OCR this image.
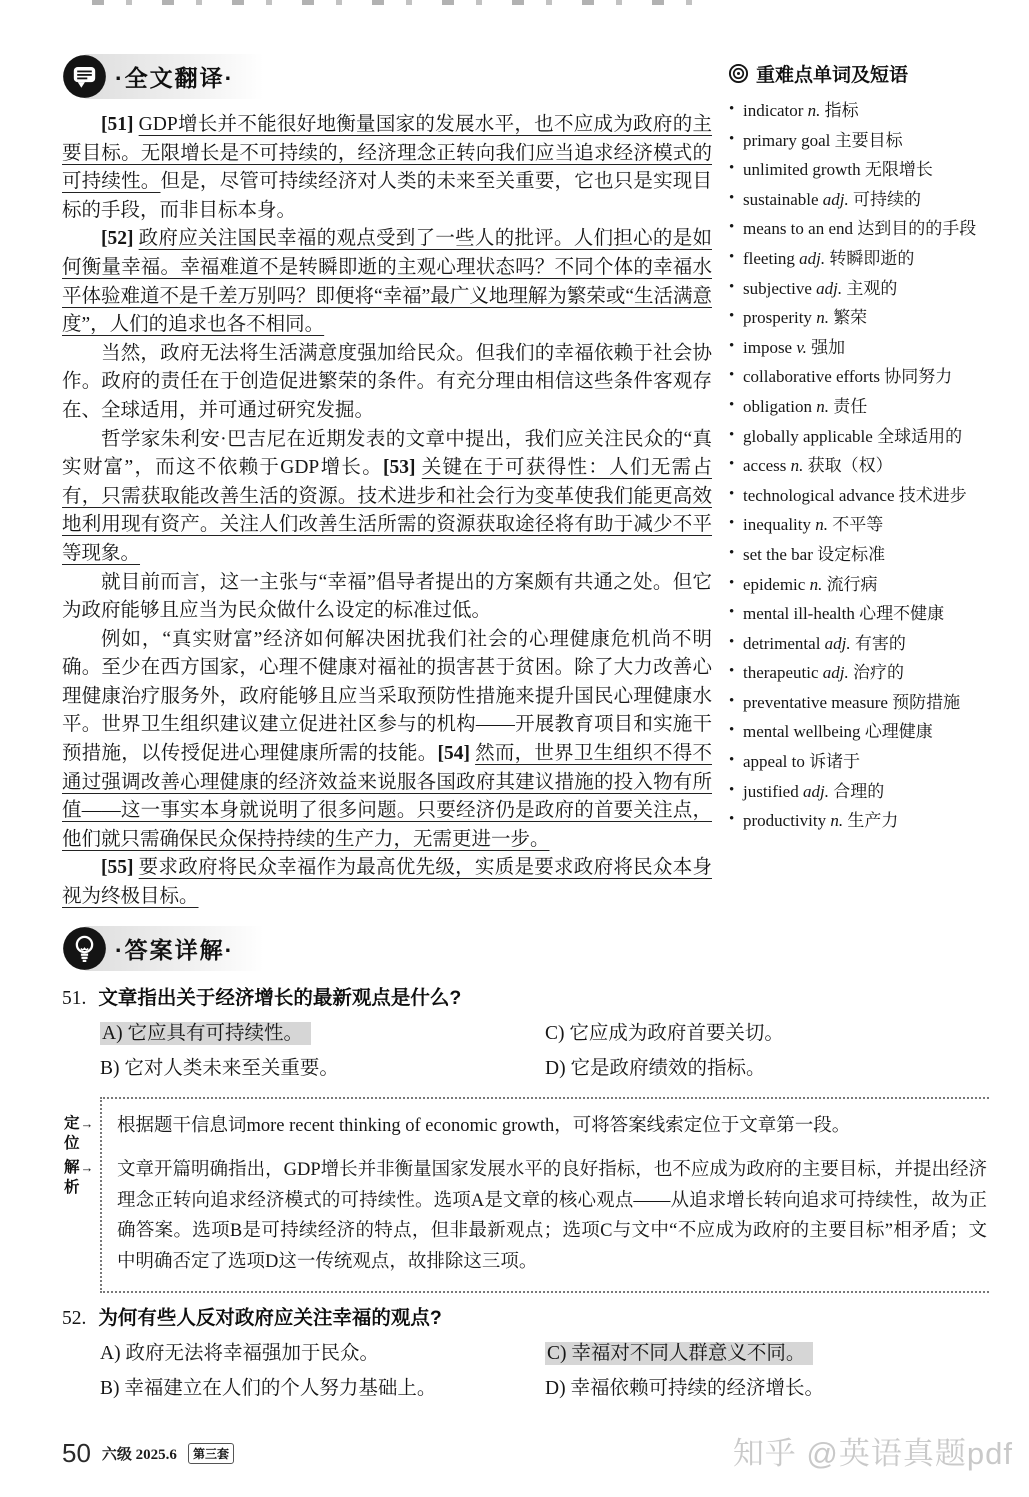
·全文翻译·

[51] GDP增长并不能很好地衡量国家的发展水平，也不应成为政府的主要目标。无限增长是不可持续的，经济理念正转向我们应当追求经济模式的可持续性。但是，尽管可持续经济对人类的未来至关重要，它也只是实现目标的手段，而非目标本身。

[52] 政府应关注国民幸福的观点受到了一些人的批评。人们担心的是如何衡量幸福。幸福难道不是转瞬即逝的主观心理状态吗？不同个体的幸福水平体验难道不是千差万别吗？即便将“幸福”最广义地理解为繁荣或“生活满意度”，人们的追求也各不相同。

当然，政府无法将生活满意度强加给民众。但我们的幸福依赖于社会协作。政府的责任在于创造促进繁荣的条件。有充分理由相信这些条件客观存在、全球适用，并可通过研究发掘。

哲学家朱利安·巴吉尼在近期发表的文章中提出，我们应关注民众的“真实财富”，而这不依赖于GDP增长。[53] 关键在于可获得性：人们无需占有，只需获取能改善生活的资源。技术进步和社会行为变革使我们能更高效地利用现有资产。关注人们改善生活所需的资源获取途径将有助于减少不平等现象。

就目前而言，这一主张与“幸福”倡导者提出的方案颇有共通之处。但它为政府能够且应当为民众做什么设定的标准过低。

例如，“真实财富”经济如何解决困扰我们社会的心理健康危机尚不明确。至少在西方国家，心理不健康对福祉的损害甚于贫困。除了大力改善心理健康治疗服务外，政府能够且应当采取预防性措施来提升国民心理健康水平。世界卫生组织建议建立促进社区参与的机构——开展教育项目和实施干预措施，以传授促进心理健康所需的技能。[54] 然而，世界卫生组织不得不通过强调改善心理健康的经济效益来说服各国政府其建议措施的投入物有所值——这一事实本身就说明了很多问题。只要经济仍是政府的首要关注点，他们就只需确保民众保持持续的生产力，无需更进一步。

[55] 要求政府将民众幸福作为最高优先级，实质是要求政府将民众本身视为终极目标。

重难点单词及短语
• indicator n. 指标
• primary goal 主要目标
• unlimited growth 无限增长
• sustainable adj. 可持续的
• means to an end 达到目的的手段
• fleeting adj. 转瞬即逝的
• subjective adj. 主观的
• prosperity n. 繁荣
• impose v. 强加
• collaborative efforts 协同努力
• obligation n. 责任
• globally applicable 全球适用的
• access n. 获取（权）
• technological advance 技术进步
• inequality n. 不平等
• set the bar 设定标准
• epidemic n. 流行病
• mental ill-health 心理不健康
• detrimental adj. 有害的
• therapeutic adj. 治疗的
• preventative measure 预防措施
• mental wellbeing 心理健康
• appeal to 诉诸于
• justified adj. 合理的
• productivity n. 生产力
·答案详解·
51. 文章指出关于经济增长的最新观点是什么?
A) 它应具有可持续性。
B) 它对人类未来至关重要。
C) 它应成为政府首要关切。
D) 它是政府绩效的指标。
定→
位
根据题干信息词more recent thinking of economic growth，可将答案线索定位于文章第一段。
解→
析
文章开篇明确指出，GDP增长并非衡量国家发展水平的良好指标，也不应成为政府的主要目标，并提出经济理念正转向追求经济模式的可持续性。选项A是文章的核心观点——从追求增长转向追求可持续性，故为正确答案。选项B是可持续经济的特点，但非最新观点；选项C与文中“不应成为政府的主要目标”相矛盾；文中明确否定了选项D这一传统观点，故排除这三项。
52. 为何有些人反对政府应关注幸福的观点?
A) 政府无法将幸福强加于民众。
B) 幸福建立在人们的个人努力基础上。
C) 幸福对不同人群意义不同。
D) 幸福依赖可持续的经济增长。
50 六级 2025.6	第三套	知乎 @英语真题pdf
